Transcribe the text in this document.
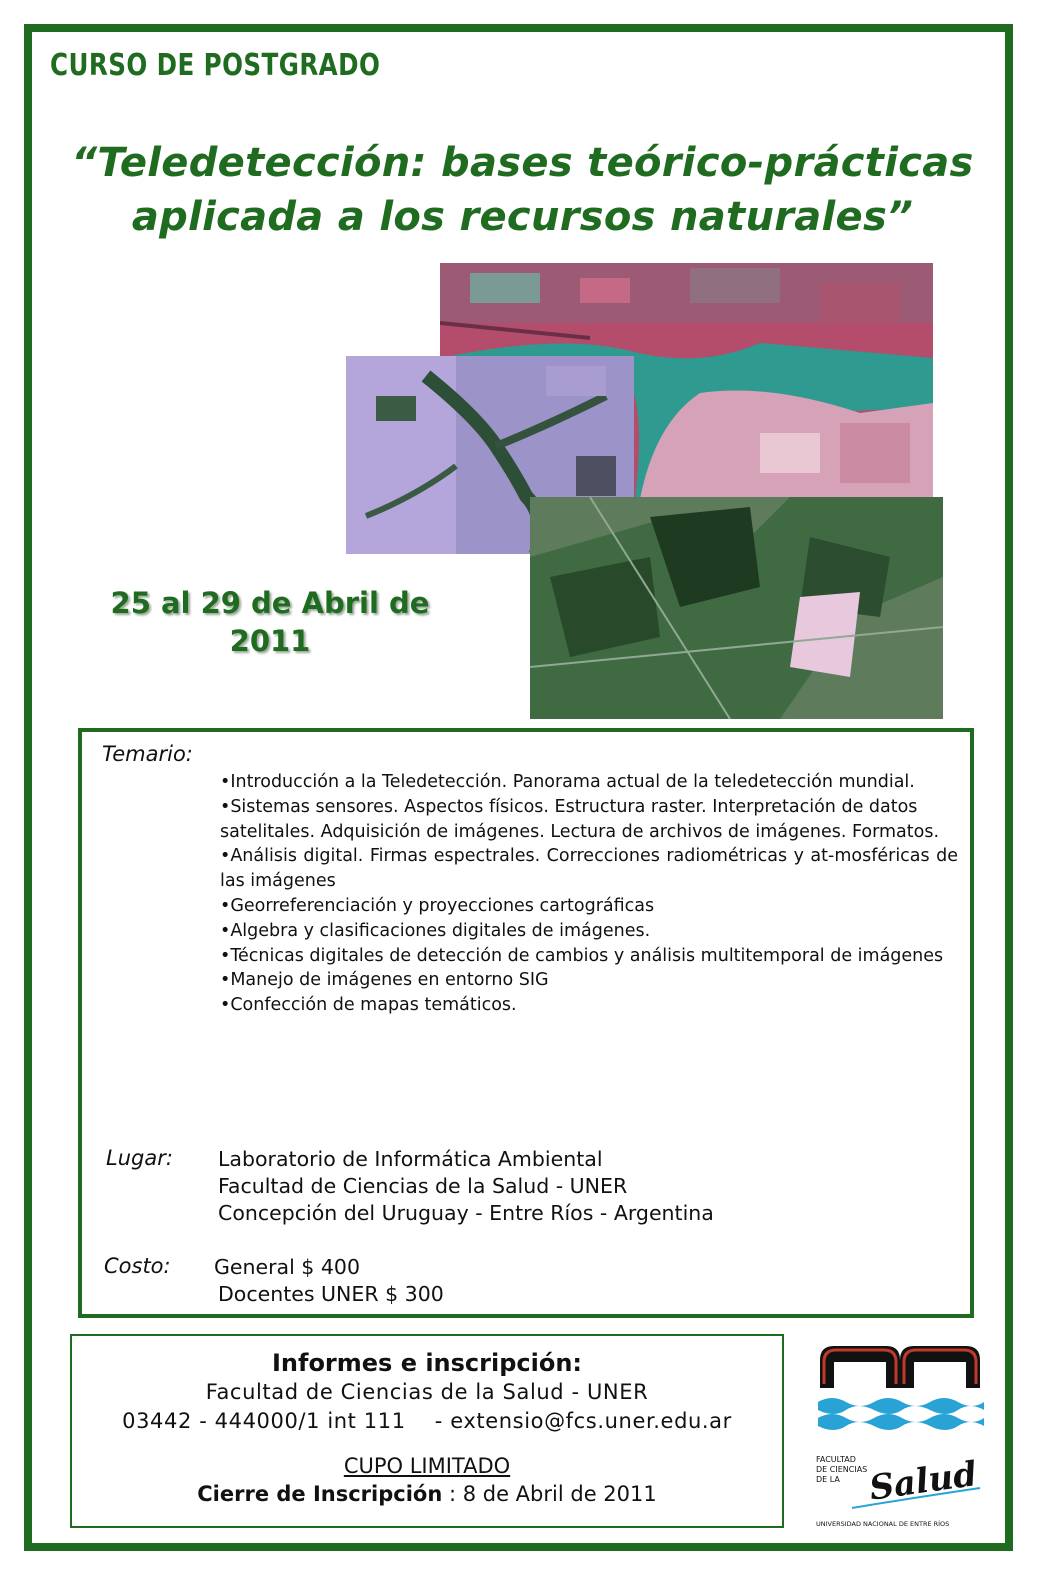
CURSO DE POSTGRADO
“Teledetección: bases teórico-prácticas
aplicada a los recursos naturales”
25 al 29 de Abril de
2011
Temario:
•Introducción a la Teledetección. Panorama actual de la teledetección mundial.
•Sistemas sensores. Aspectos físicos. Estructura raster. Interpretación de datos
satelitales. Adquisición de imágenes. Lectura de archivos de imágenes. Formatos.
•Análisis digital. Firmas espectrales. Correcciones radiométricas y at-mosféricas de las imágenes
•Georreferenciación y proyecciones cartográficas
•Algebra y clasificaciones digitales de imágenes.
•Técnicas digitales de detección de cambios y análisis multitemporal de imágenes
•Manejo de imágenes en entorno SIG
•Confección de mapas temáticos.
Lugar: Laboratorio de Informática Ambiental
Facultad de Ciencias de la Salud - UNER
Concepción del Uruguay - Entre Ríos - Argentina
Costo: General $ 400
Docentes UNER $ 300
Informes e inscripción:
Facultad de Ciencias de la Salud - UNER
03442 - 444000/1 int 111    - extensio@fcs.uner.edu.ar
CUPO LIMITADO
Cierre de Inscripción : 8 de Abril de 2011
FACULTAD
DE CIENCIAS
DE LA Salud
UNIVERSIDAD NACIONAL DE ENTRE RÍOS
